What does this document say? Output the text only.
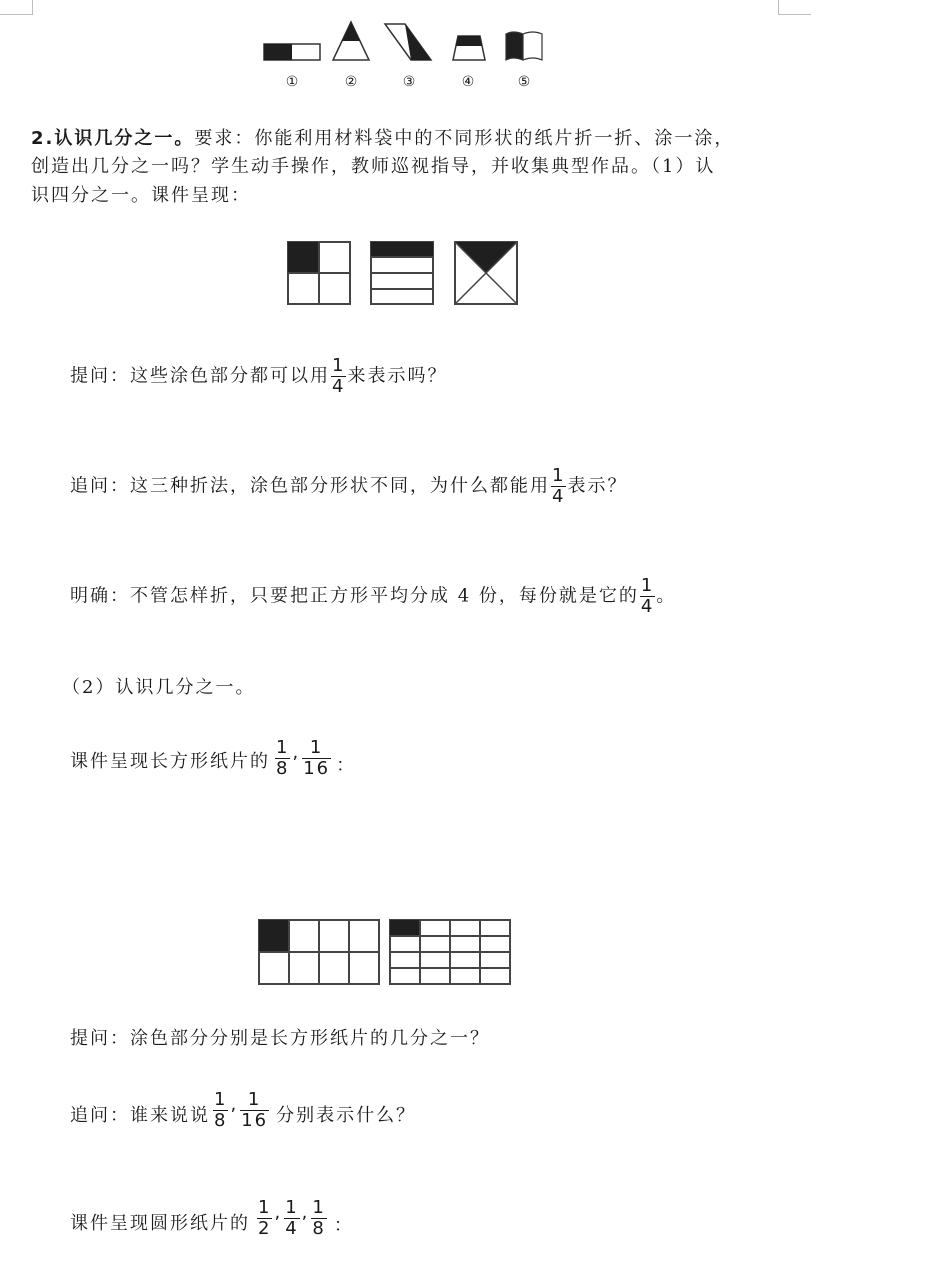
①	②	③	④	⑤
2.认识几分之一。要求：你能利用材料袋中的不同形状的纸片折一折、涂一涂，
创造出几分之一吗？学生动手操作，教师巡视指导，并收集典型作品。（1）认
识四分之一。课件呈现：
提问：这些涂色部分都可以用 $\frac{1}{4}$ 来表示吗？
追问：这三种折法，涂色部分形状不同，为什么都能用 $\frac{1}{4}$ 表示？
明确：不管怎样折，只要把正方形平均分成 4 份，每份就是它的 $\frac{1}{4}$ 。
（2）认识几分之一。
课件呈现长方形纸片的 $\frac{1}{8}$ , $\frac{1}{16}$ ：
提问：涂色部分分别是长方形纸片的几分之一？
追问：谁来说说 $\frac{1}{8}$ , $\frac{1}{16}$ 分别表示什么？
课件呈现圆形纸片的 $\frac{1}{2}$ , $\frac{1}{4}$ , $\frac{1}{8}$ ：
